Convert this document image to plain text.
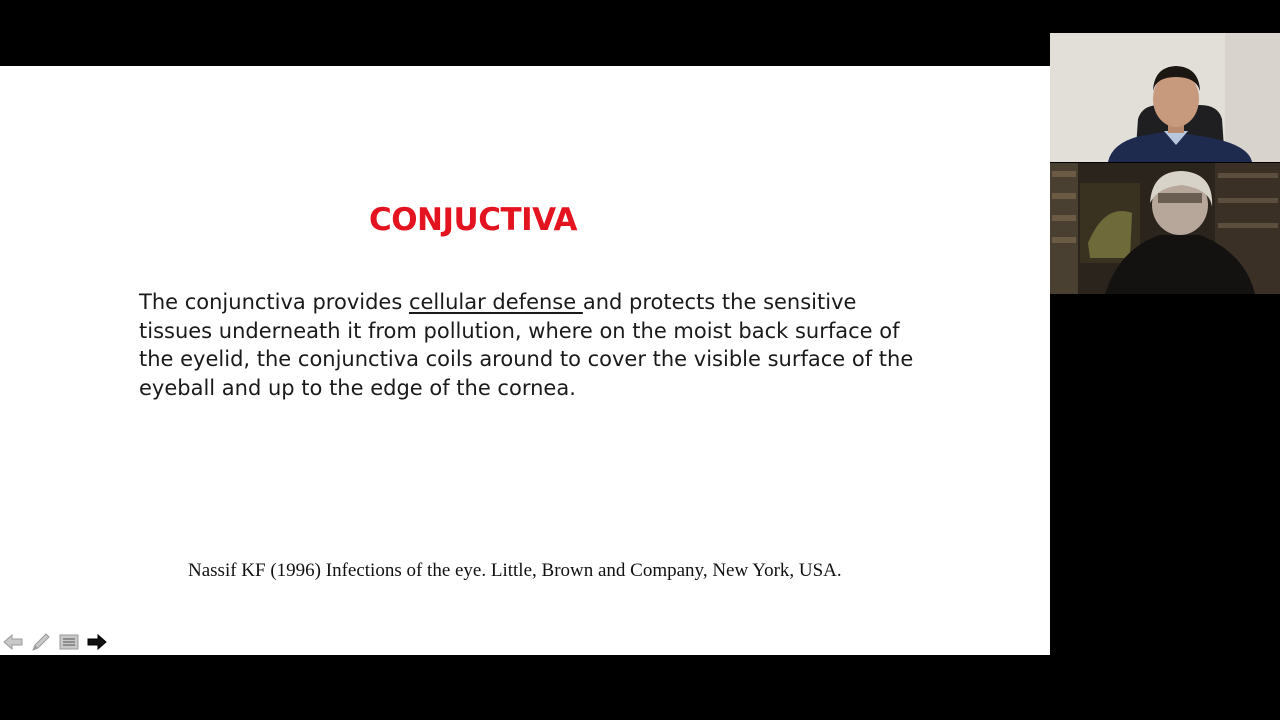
CONJUCTIVA

The conjunctiva provides cellular defense and protects the sensitive tissues underneath it from pollution, where on the moist back surface of the eyelid, the conjunctiva coils around to cover the visible surface of the eyeball and up to the edge of the cornea.

Nassif KF (1996) Infections of the eye. Little, Brown and Company, New York, USA.
